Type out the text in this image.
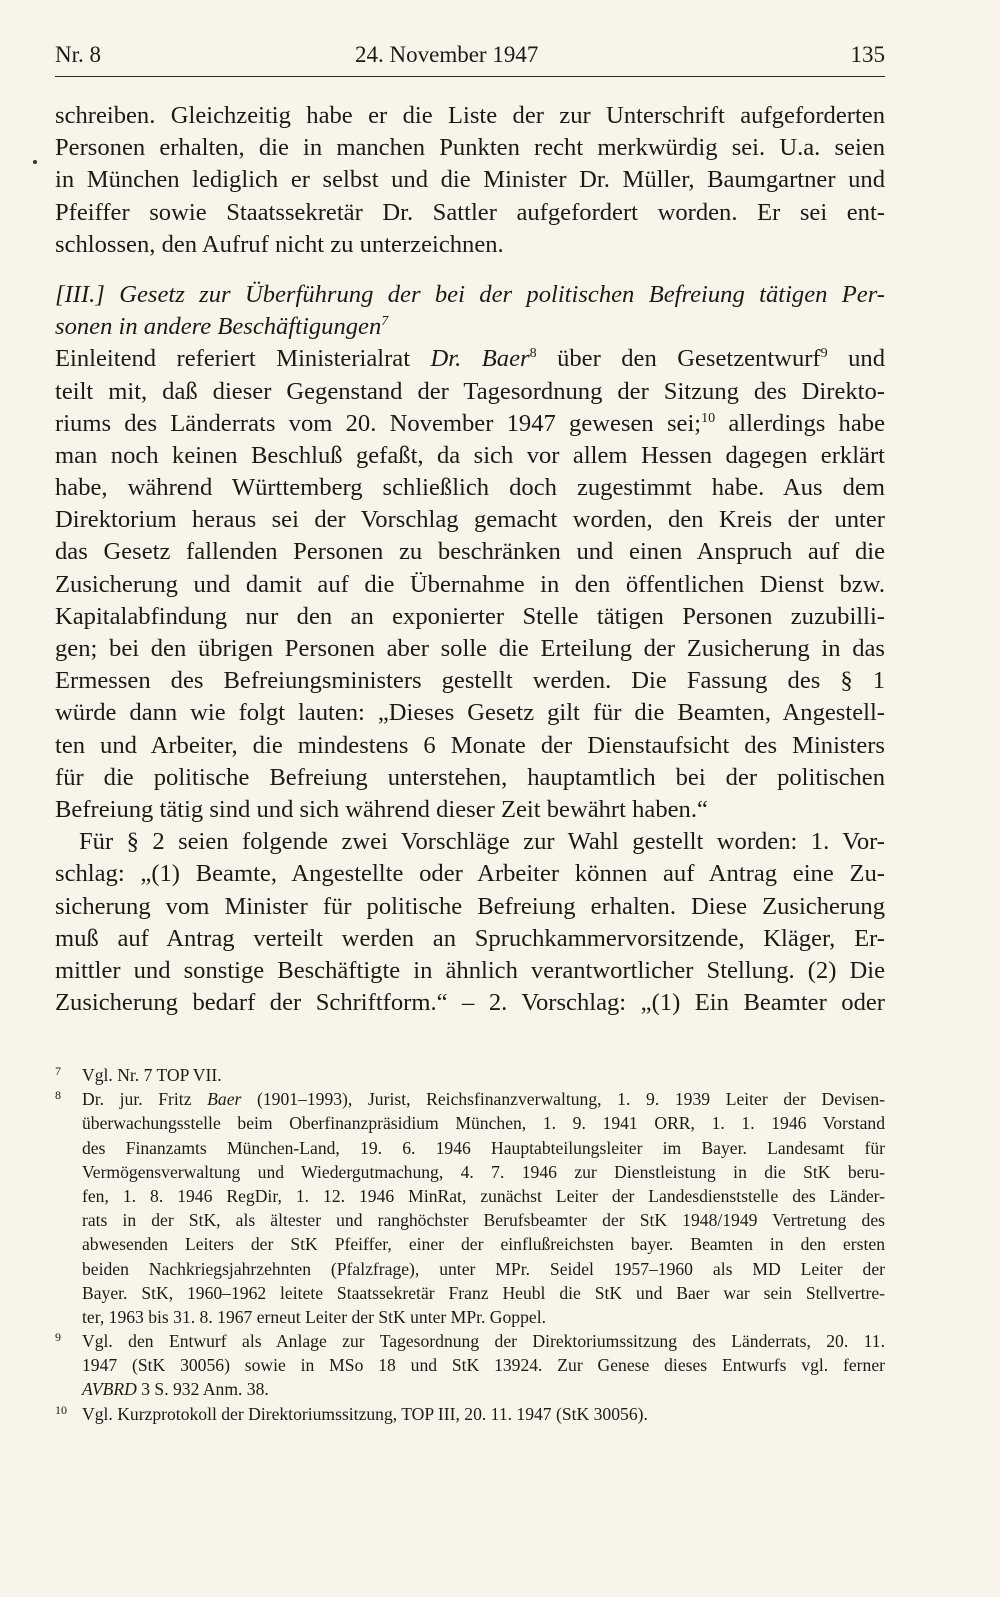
Nr. 8	24. November 1947	135
schreiben. Gleichzeitig habe er die Liste der zur Unterschrift aufgeforderten
Personen erhalten, die in manchen Punkten recht merkwürdig sei. U.a. seien
in München lediglich er selbst und die Minister Dr. Müller, Baumgartner und
Pfeiffer sowie Staatssekretär Dr. Sattler aufgefordert worden. Er sei ent-
schlossen, den Aufruf nicht zu unterzeichnen.
[III.] Gesetz zur Überführung der bei der politischen Befreiung tätigen Per-
sonen in andere Beschäftigungen$^7$
Einleitend referiert Ministerialrat Dr. Baer$^8$ über den Gesetzentwurf$^9$ und
teilt mit, daß dieser Gegenstand der Tagesordnung der Sitzung des Direkto-
riums des Länderrats vom 20. November 1947 gewesen sei;$^{10}$ allerdings habe
man noch keinen Beschluß gefaßt, da sich vor allem Hessen dagegen erklärt
habe, während Württemberg schließlich doch zugestimmt habe. Aus dem
Direktorium heraus sei der Vorschlag gemacht worden, den Kreis der unter
das Gesetz fallenden Personen zu beschränken und einen Anspruch auf die
Zusicherung und damit auf die Übernahme in den öffentlichen Dienst bzw.
Kapitalabfindung nur den an exponierter Stelle tätigen Personen zuzubilli-
gen; bei den übrigen Personen aber solle die Erteilung der Zusicherung in das
Ermessen des Befreiungsministers gestellt werden. Die Fassung des § 1
würde dann wie folgt lauten: „Dieses Gesetz gilt für die Beamten, Angestell-
ten und Arbeiter, die mindestens 6 Monate der Dienstaufsicht des Ministers
für die politische Befreiung unterstehen, hauptamtlich bei der politischen
Befreiung tätig sind und sich während dieser Zeit bewährt haben.“
Für § 2 seien folgende zwei Vorschläge zur Wahl gestellt worden: 1. Vor-
schlag: „(1) Beamte, Angestellte oder Arbeiter können auf Antrag eine Zu-
sicherung vom Minister für politische Befreiung erhalten. Diese Zusicherung
muß auf Antrag verteilt werden an Spruchkammervorsitzende, Kläger, Er-
mittler und sonstige Beschäftigte in ähnlich verantwortlicher Stellung. (2) Die
Zusicherung bedarf der Schriftform.“ – 2. Vorschlag: „(1) Ein Beamter oder
7 Vgl. Nr. 7 TOP VII.
8 Dr. jur. Fritz Baer (1901–1993), Jurist, Reichsfinanzverwaltung, 1. 9. 1939 Leiter der Devisen-
überwachungsstelle beim Oberfinanzpräsidium München, 1. 9. 1941 ORR, 1. 1. 1946 Vorstand
des Finanzamts München-Land, 19. 6. 1946 Hauptabteilungsleiter im Bayer. Landesamt für
Vermögensverwaltung und Wiedergutmachung, 4. 7. 1946 zur Dienstleistung in die StK beru-
fen, 1. 8. 1946 RegDir, 1. 12. 1946 MinRat, zunächst Leiter der Landesdienststelle des Länder-
rats in der StK, als ältester und ranghöchster Berufsbeamter der StK 1948/1949 Vertretung des
abwesenden Leiters der StK Pfeiffer, einer der einflußreichsten bayer. Beamten in den ersten
beiden Nachkriegsjahrzehnten (Pfalzfrage), unter MPr. Seidel 1957–1960 als MD Leiter der
Bayer. StK, 1960–1962 leitete Staatssekretär Franz Heubl die StK und Baer war sein Stellvertre-
ter, 1963 bis 31. 8. 1967 erneut Leiter der StK unter MPr. Goppel.
9 Vgl. den Entwurf als Anlage zur Tagesordnung der Direktoriumssitzung des Länderrats, 20. 11.
1947 (StK 30056) sowie in MSo 18 und StK 13924. Zur Genese dieses Entwurfs vgl. ferner
AVBRD 3 S. 932 Anm. 38.
10 Vgl. Kurzprotokoll der Direktoriumssitzung, TOP III, 20. 11. 1947 (StK 30056).
